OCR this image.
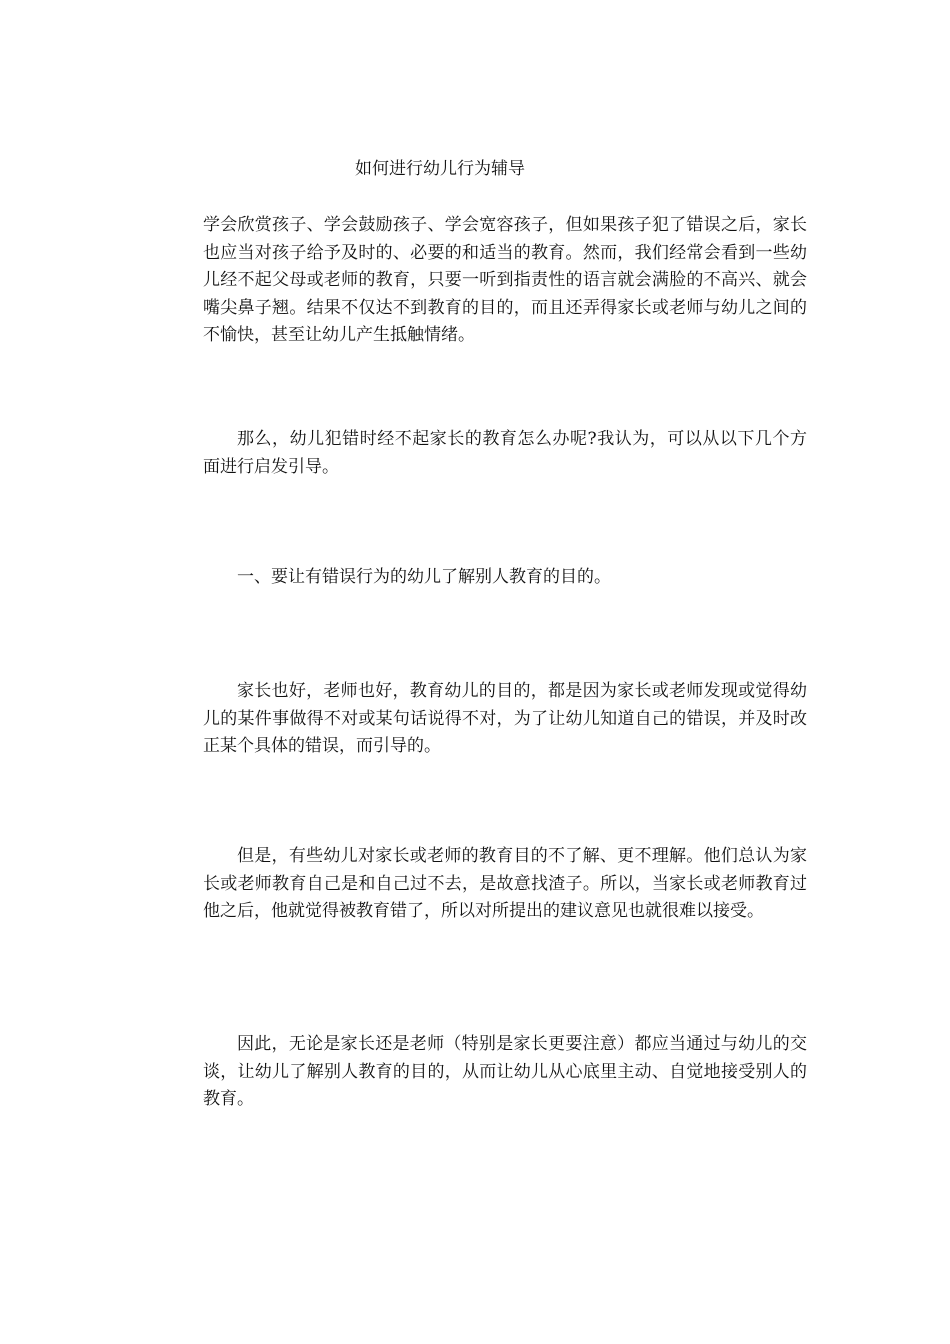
如何进行幼儿行为辅导

学会欣赏孩子、学会鼓励孩子、学会宽容孩子，但如果孩子犯了错误之后，家长也应当对孩子给予及时的、必要的和适当的教育。然而，我们经常会看到一些幼儿经不起父母或老师的教育，只要一听到指责性的语言就会满脸的不高兴、就会嘴尖鼻子翘。结果不仅达不到教育的目的，而且还弄得家长或老师与幼儿之间的不愉快，甚至让幼儿产生抵触情绪。

那么，幼儿犯错时经不起家长的教育怎么办呢?我认为，可以从以下几个方面进行启发引导。

一、要让有错误行为的幼儿了解别人教育的目的。

家长也好，老师也好，教育幼儿的目的，都是因为家长或老师发现或觉得幼儿的某件事做得不对或某句话说得不对，为了让幼儿知道自己的错误，并及时改正某个具体的错误，而引导的。

但是，有些幼儿对家长或老师的教育目的不了解、更不理解。他们总认为家长或老师教育自己是和自己过不去，是故意找渣子。所以，当家长或老师教育过他之后，他就觉得被教育错了，所以对所提出的建议意见也就很难以接受。

因此，无论是家长还是老师（特别是家长更要注意）都应当通过与幼儿的交谈，让幼儿了解别人教育的目的，从而让幼儿从心底里主动、自觉地接受别人的教育。
